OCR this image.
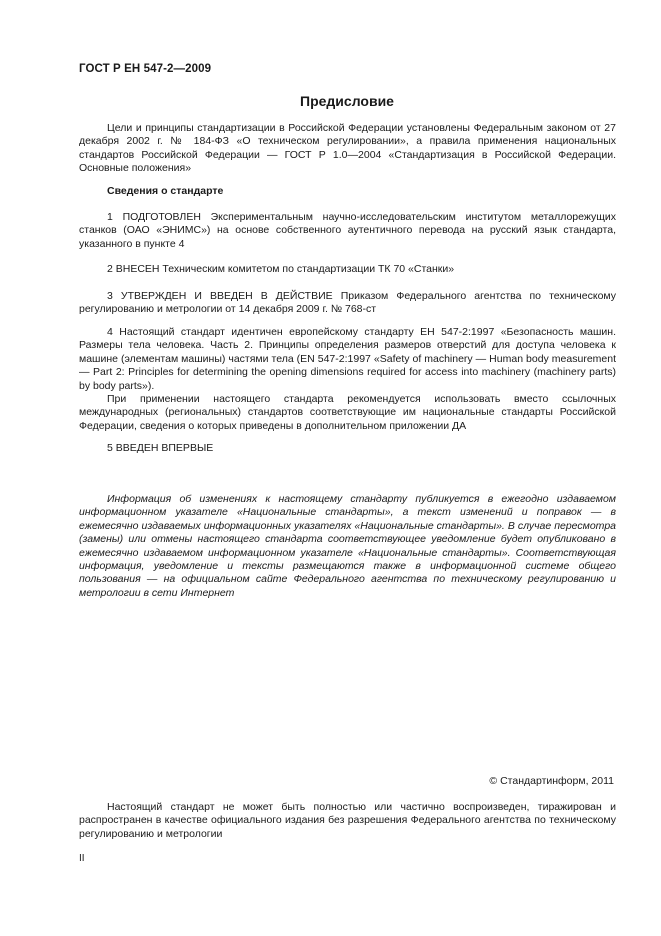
ГОСТ Р ЕН 547-2—2009
Предисловие

Цели и принципы стандартизации в Российской Федерации установлены Федеральным законом от 27 декабря 2002 г. № 184-ФЗ «О техническом регулировании», а правила применения национальных стандартов Российской Федерации — ГОСТ Р 1.0—2004 «Стандартизация в Российской Федерации. Основные положения»

Сведения о стандарте

1 ПОДГОТОВЛЕН Экспериментальным научно-исследовательским институтом металлорежущих станков (ОАО «ЭНИМС») на основе собственного аутентичного перевода на русский язык стандарта, указанного в пункте 4

2 ВНЕСЕН Техническим комитетом по стандартизации ТК 70 «Станки»

3 УТВЕРЖДЕН И ВВЕДЕН В ДЕЙСТВИЕ Приказом Федерального агентства по техническому регулированию и метрологии от 14 декабря 2009 г. № 768-ст

4 Настоящий стандарт идентичен европейскому стандарту ЕН 547-2:1997 «Безопасность машин. Размеры тела человека. Часть 2. Принципы определения размеров отверстий для доступа человека к машине (элементам машины) частями тела (EN 547-2:1997 «Safety of machinery — Human body measurement — Part 2: Principles for determining the opening dimensions required for access into machinery (machinery parts) by body parts»).

При применении настоящего стандарта рекомендуется использовать вместо ссылочных международных (региональных) стандартов соответствующие им национальные стандарты Российской Федерации, сведения о которых приведены в дополнительном приложении ДА

5 ВВЕДЕН ВПЕРВЫЕ

Информация об изменениях к настоящему стандарту публикуется в ежегодно издаваемом информационном указателе «Национальные стандарты», а текст изменений и поправок — в ежемесячно издаваемых информационных указателях «Национальные стандарты». В случае пересмотра (замены) или отмены настоящего стандарта соответствующее уведомление будет опубликовано в ежемесячно издаваемом информационном указателе «Национальные стандарты». Соответствующая информация, уведомление и тексты размещаются также в информационной системе общего пользования — на официальном сайте Федерального агентства по техническому регулированию и метрологии в сети Интернет

© Стандартинформ, 2011

Настоящий стандарт не может быть полностью или частично воспроизведен, тиражирован и распространен в качестве официального издания без разрешения Федерального агентства по техническому регулированию и метрологии

II
